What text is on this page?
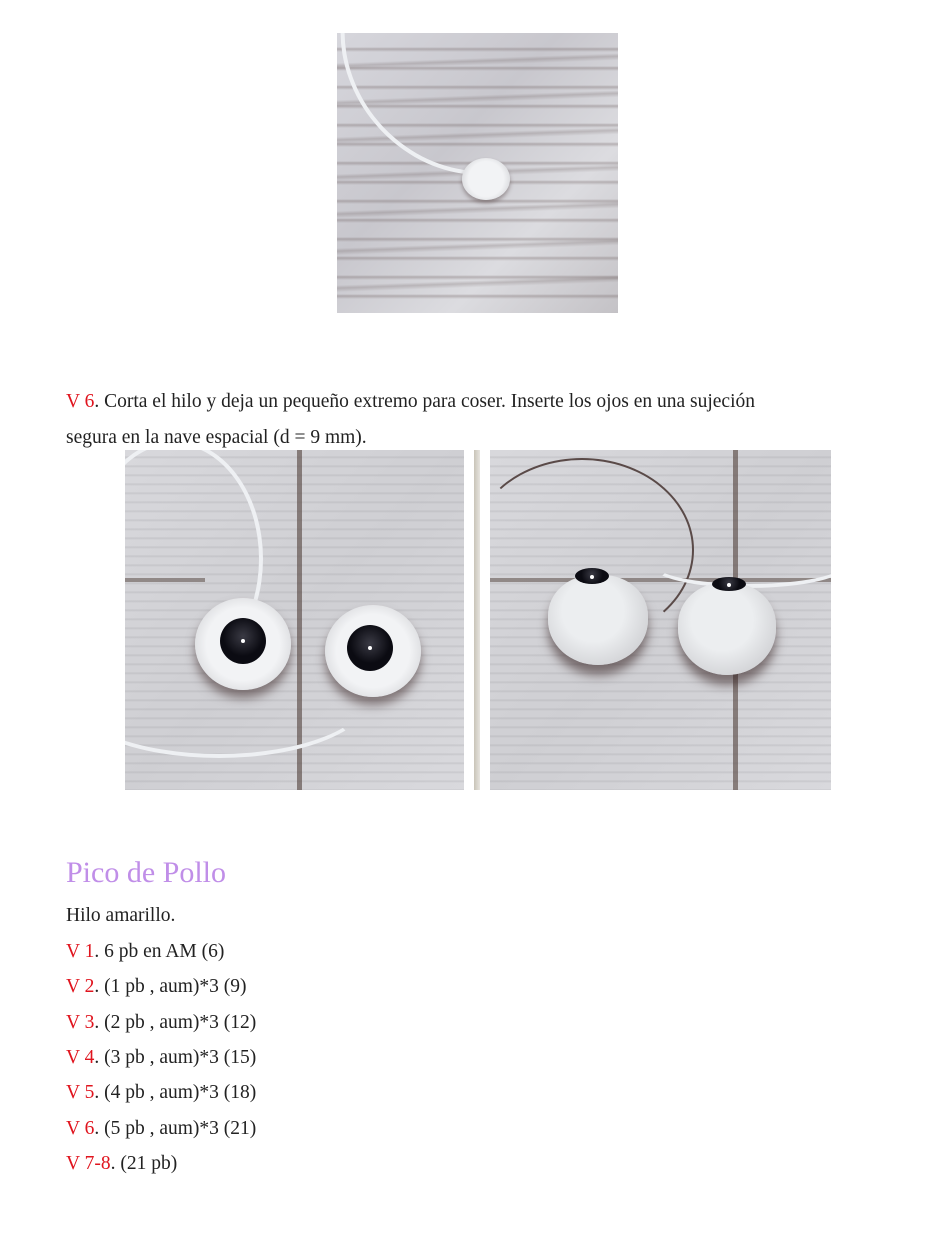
V 6. Corta el hilo y deja un pequeño extremo para coser. Inserte los ojos en una sujeción
segura en la nave espacial (d = 9 mm).
Pico de Pollo
Hilo amarillo.
V 1. 6 pb en AM (6)
V 2. (1 pb , aum)*3 (9)
V 3. (2 pb , aum)*3 (12)
V 4. (3 pb , aum)*3 (15)
V 5. (4 pb , aum)*3 (18)
V 6. (5 pb , aum)*3 (21)
V 7-8. (21 pb)
